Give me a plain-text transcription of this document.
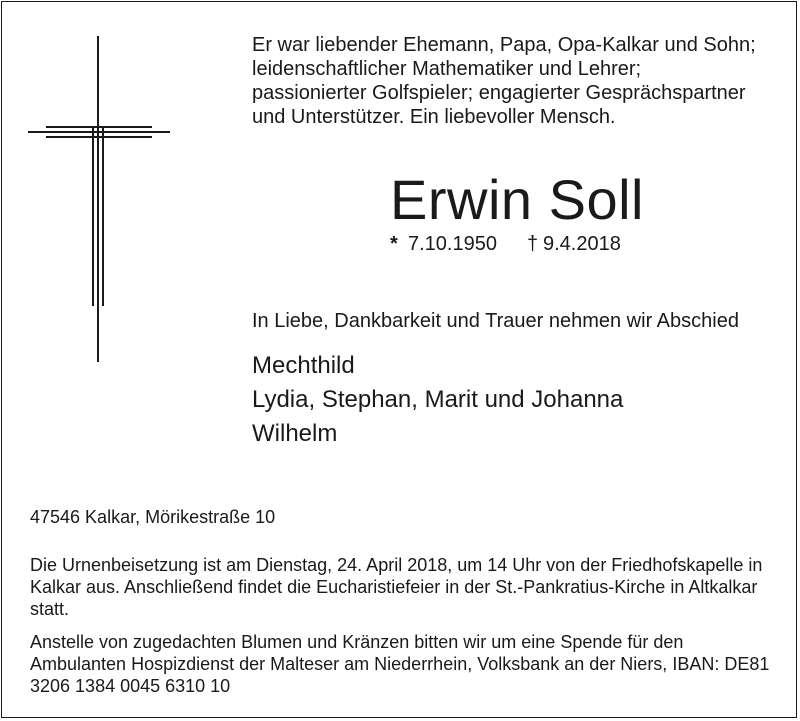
Er war liebender Ehemann, Papa, Opa-Kalkar und Sohn;
leidenschaftlicher Mathematiker und Lehrer;
passionierter Golfspieler; engagierter Gesprächspartner
und Unterstützer. Ein liebevoller Mensch.
Erwin Soll
* 7.10.1950 † 9.4.2018
In Liebe, Dankbarkeit und Trauer nehmen wir Abschied
Mechthild
Lydia, Stephan, Marit und Johanna
Wilhelm
47546 Kalkar, Mörikestraße 10
Die Urnenbeisetzung ist am Dienstag, 24. April 2018, um 14 Uhr von der Friedhofskapelle in
Kalkar aus. Anschließend findet die Eucharistiefeier in der St.-Pankratius-Kirche in Altkalkar
statt.
Anstelle von zugedachten Blumen und Kränzen bitten wir um eine Spende für den
Ambulanten Hospizdienst der Malteser am Niederrhein, Volksbank an der Niers, IBAN: DE81
3206 1384 0045 6310 10
